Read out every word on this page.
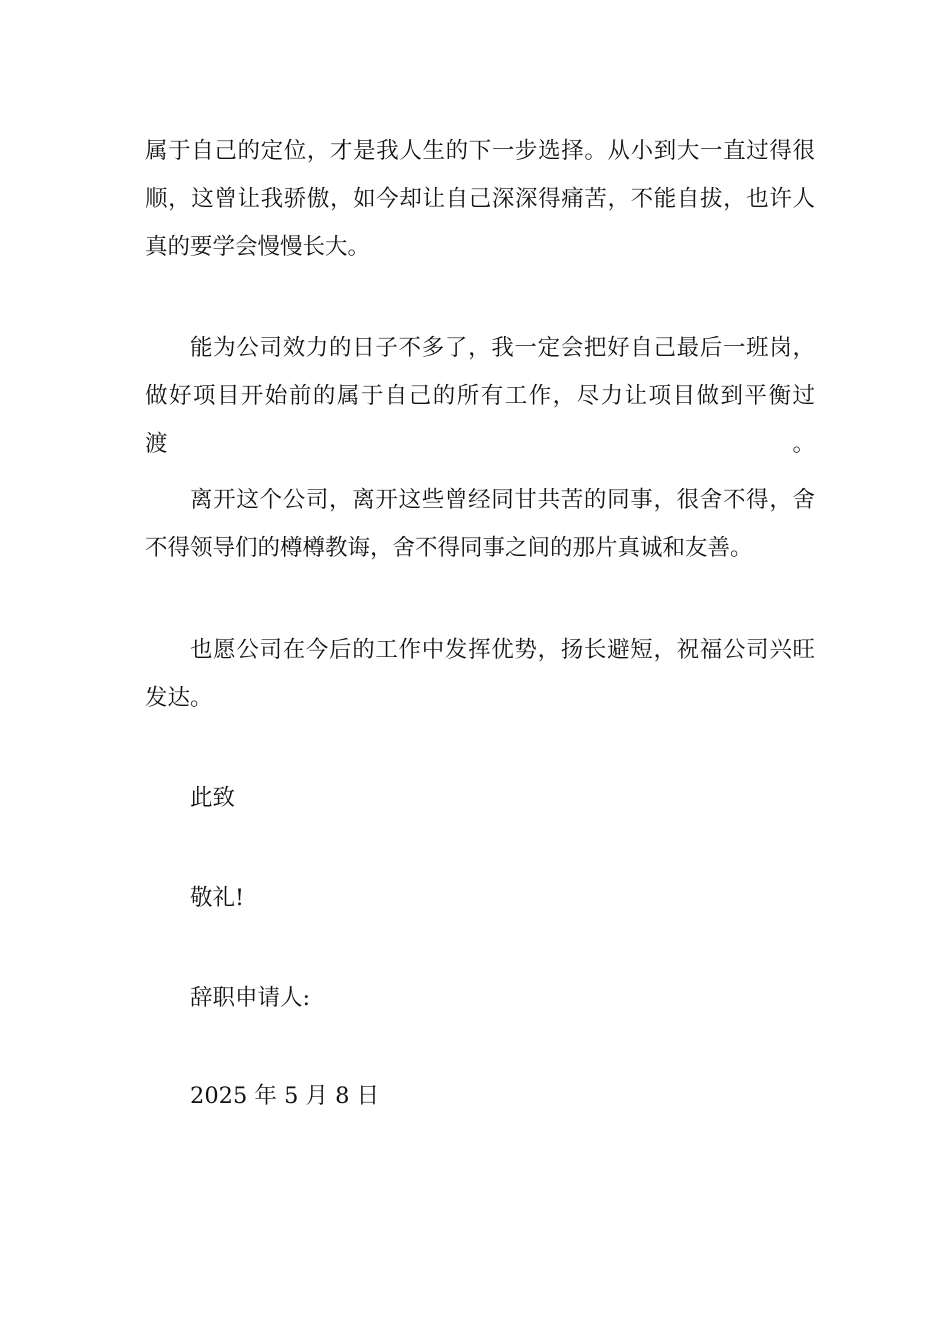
属于自己的定位，才是我人生的下一步选择。从小到大一直过得很
顺，这曾让我骄傲，如今却让自己深深得痛苦，不能自拔，也许人
真的要学会慢慢长大。
能为公司效力的日子不多了，我一定会把好自己最后一班岗，
做好项目开始前的属于自己的所有工作，尽力让项目做到平衡过渡。
离开这个公司，离开这些曾经同甘共苦的同事，很舍不得，舍
不得领导们的樽樽教诲，舍不得同事之间的那片真诚和友善。
也愿公司在今后的工作中发挥优势，扬长避短，祝福公司兴旺
发达。
此致
敬礼!
辞职申请人:
2025 年 5 月 8 日
